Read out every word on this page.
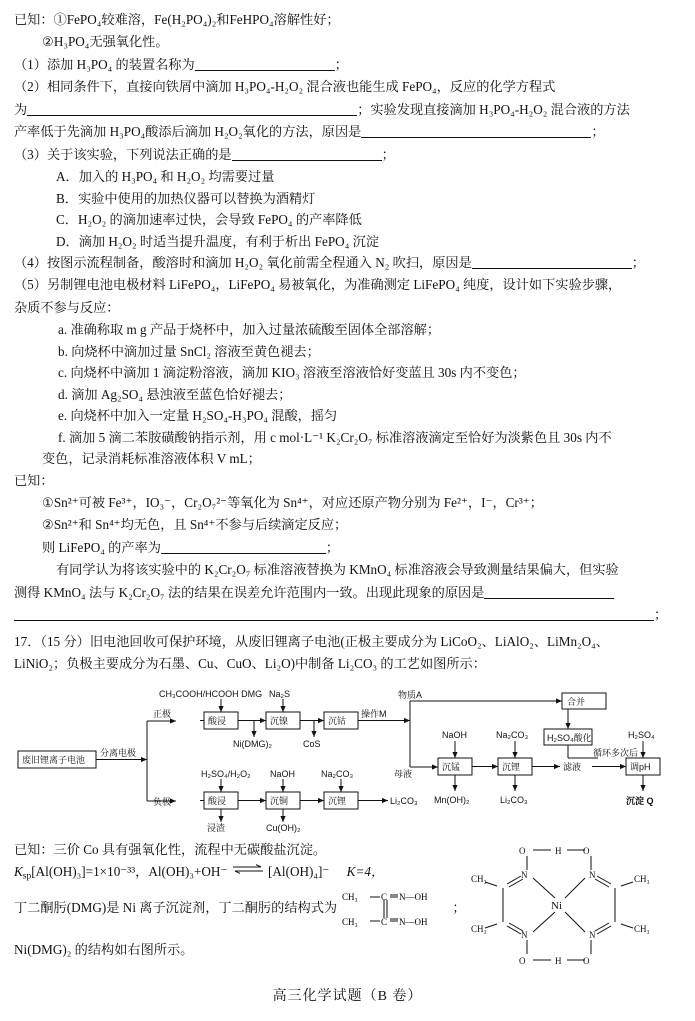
已知：①FePO₄较难溶，Fe(H₂PO₄)₂和FeHPO₄溶解性好；
②H₃PO₄无强氧化性。
（1）添加 H₃PO₄ 的装置名称为	；
（2）相同条件下，直接向铁屑中滴加 H₃PO₄-H₂O₂ 混合液也能生成 FePO₄，反应的化学方程式
为	；实验发现直接滴加 H₃PO₄-H₂O₂ 混合液的方法
产率低于先滴加 H₃PO₄酸添后滴加 H₂O₂氧化的方法，原因是	；
（3）关于该实验，下列说法正确的是	；
A．加入的 H₃PO₄ 和 H₂O₂ 均需要过量
B．实验中使用的加热仪器可以替换为酒精灯
C．H₂O₂ 的滴加速率过快，会导致 FePO₄ 的产率降低
D．滴加 H₂O₂ 时适当提升温度，有利于析出 FePO₄ 沉淀
（4）按图示流程制备，酸溶时和滴加 H₂O₂ 氧化前需全程通入 N₂ 吹扫，原因是	；
（5）另制锂电池电极材料 LiFePO₄，LiFePO₄ 易被氧化，为准确测定 LiFePO₄ 纯度，设计如下实验步骤，
杂质不参与反应：
a. 准确称取 m g 产品于烧杯中，加入过量浓硫酸至固体全部溶解；
b. 向烧杯中滴加过量 SnCl₂ 溶液至黄色褪去；
c. 向烧杯中滴加 1 滴淀粉溶液，滴加 KIO₃ 溶液至溶液恰好变蓝且 30s 内不变色；
d. 滴加 Ag₂SO₄ 悬浊液至蓝色恰好褪去；
e. 向烧杯中加入一定量 H₂SO₄-H₃PO₄ 混酸，摇匀
f. 滴加 5 滴二苯胺磺酸钠指示剂，用 c mol·L⁻¹ K₂Cr₂O₇ 标准溶液滴定至恰好为淡紫色且 30s 内不
变色，记录消耗标准溶液体积 V mL；
已知：
①Sn²⁺可被 Fe³⁺，IO₃⁻，Cr₂O₇²⁻等氧化为 Sn⁴⁺，对应还原产物分别为 Fe²⁺，I⁻，Cr³⁺；
②Sn²⁺和 Sn⁴⁺均无色，且 Sn⁴⁺不参与后续滴定反应；
则 LiFePO₄ 的产率为	；
有同学认为将该实验中的 K₂Cr₂O₇ 标准溶液替换为 KMnO₄ 标准溶液会导致测量结果偏大，但实验
测得 KMnO₄ 法与 K₂Cr₂O₇ 法的结果在误差允许范围内一致。出现此现象的原因是
；
17．（15 分）旧电池回收可保护环境，从废旧锂离子电池(正极主要成分为 LiCoO₂、LiAlO₂、LiMn₂O₄、
LiNiO₂；负极主要成分为石墨、Cu、CuO、Li₂O)中制备 Li₂CO₃ 的工艺如图所示：
废旧锂离子电池
分离电极
正极
负极
酸浸	沉镍	沉钴
CH₃COOH/HCOOH DMG Na₂S
操作M
Ni(DMG)₂	CoS
物质A
合并
母液
沉锰	沉锂
NaOH	Na₂CO₃ H₂SO₄酸化	H₂SO₄
Mn(OH)₂	Li₂CO₃
滤液
循环多次后
调pH
沉淀 Q
H₂SO₄/H₂O₂
酸浸
NaOH
沉铜
Na₂CO₃
沉锂	Li₂CO₃
浸渣	Cu(OH)₂
已知：三价 Co 具有强氧化性，流程中无碳酸盐沉淀。
$K_{sp}[Al(OH)_3]=1\times 10^{-33}$，Al(OH)₃+OH⁻ ⇌ [Al(OH)₄]⁻ K=4，
丁二酮肟(DMG)是 Ni 离子沉淀剂，丁二酮肟的结构式为
CH₃
CH₃
C
C
N—OH
N—OH
；
Ni(DMG)₂ 的结构如右图所示。
O	O
H
O	O
H
N	N
N	N
Ni
CH₃
CH₃
CH₃
CH₃
高三化学试题（B 卷）
